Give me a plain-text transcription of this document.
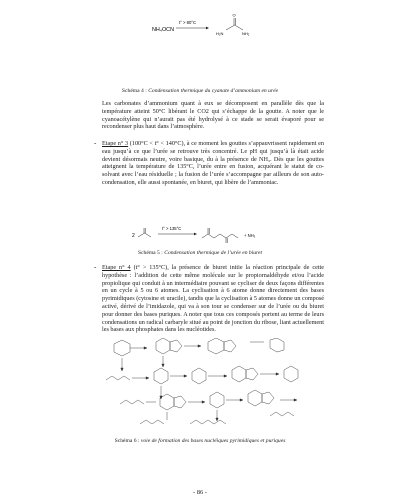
NH₄OCN
t° > 80°C
O
H₂N	NH₂
Schéma 4 : Condensation thermique du cyanate d’ammonium en urée
Les carbonates d’ammonium quant à eux se décomposent en parallèle dès que la température atteint 50°C libérant le CO2 qui s’échappe de la goutte. A noter que le cyanoacétylène qui n’aurait pas été hydrolysé à ce stade se serait évaporé pour se recondenser plus haut dans l’atmosphère.
- Etape n° 3 (100°C < t° < 140°C), à ce moment les gouttes s’appauvrissent rapidement en eau jusqu’à ce que l’urée se retrouve très concentré. Le pH qui jusqu’à là était acide devient désormais neutre, voire basique, du à la présence de NH₃. Dès que les gouttes atteignent la température de 135°C, l’urée entre en fusion, acquérant le statut de co-solvant avec l’eau résiduelle ; la fusion de l’urée s’accompagne par ailleurs de son auto-condensation, elle aussi spontanée, en biuret, qui libère de l’ammoniac.
2
t° > 135°C
+ NH₃
Schéma 5 : Condensation thermique de l’urée en biuret
- Etape n° 4 (t° > 135°C), la présence de biuret initie la réaction principale de cette hypothèse : l’addition de cette même molécule sur le propiornaldéhyde et/ou l’acide propiolique qui conduit à un intermédiaire pouvant se cycliser de deux façons différentes en un cycle à 5 ou 6 atomes. La cyclisation à 6 atome donne directement des bases pyrimidiques (cytosine et uracile), tandis que la cyclisation à 5 atomes donne un composé activé, dérivé de l’imidazole, qui va à son tour se condenser sur de l’urée ou du biuret pour donner des bases puriques. A noter que tous ces composés portent au terme de leurs condensations un radical carbaryle situé au point de jonction du ribose, liant actuellement les bases aux phosphates dans les nucléotides.
Schéma 6 : voie de formation des bases nucléiques pyrimidiques et puriques
- 86 -
